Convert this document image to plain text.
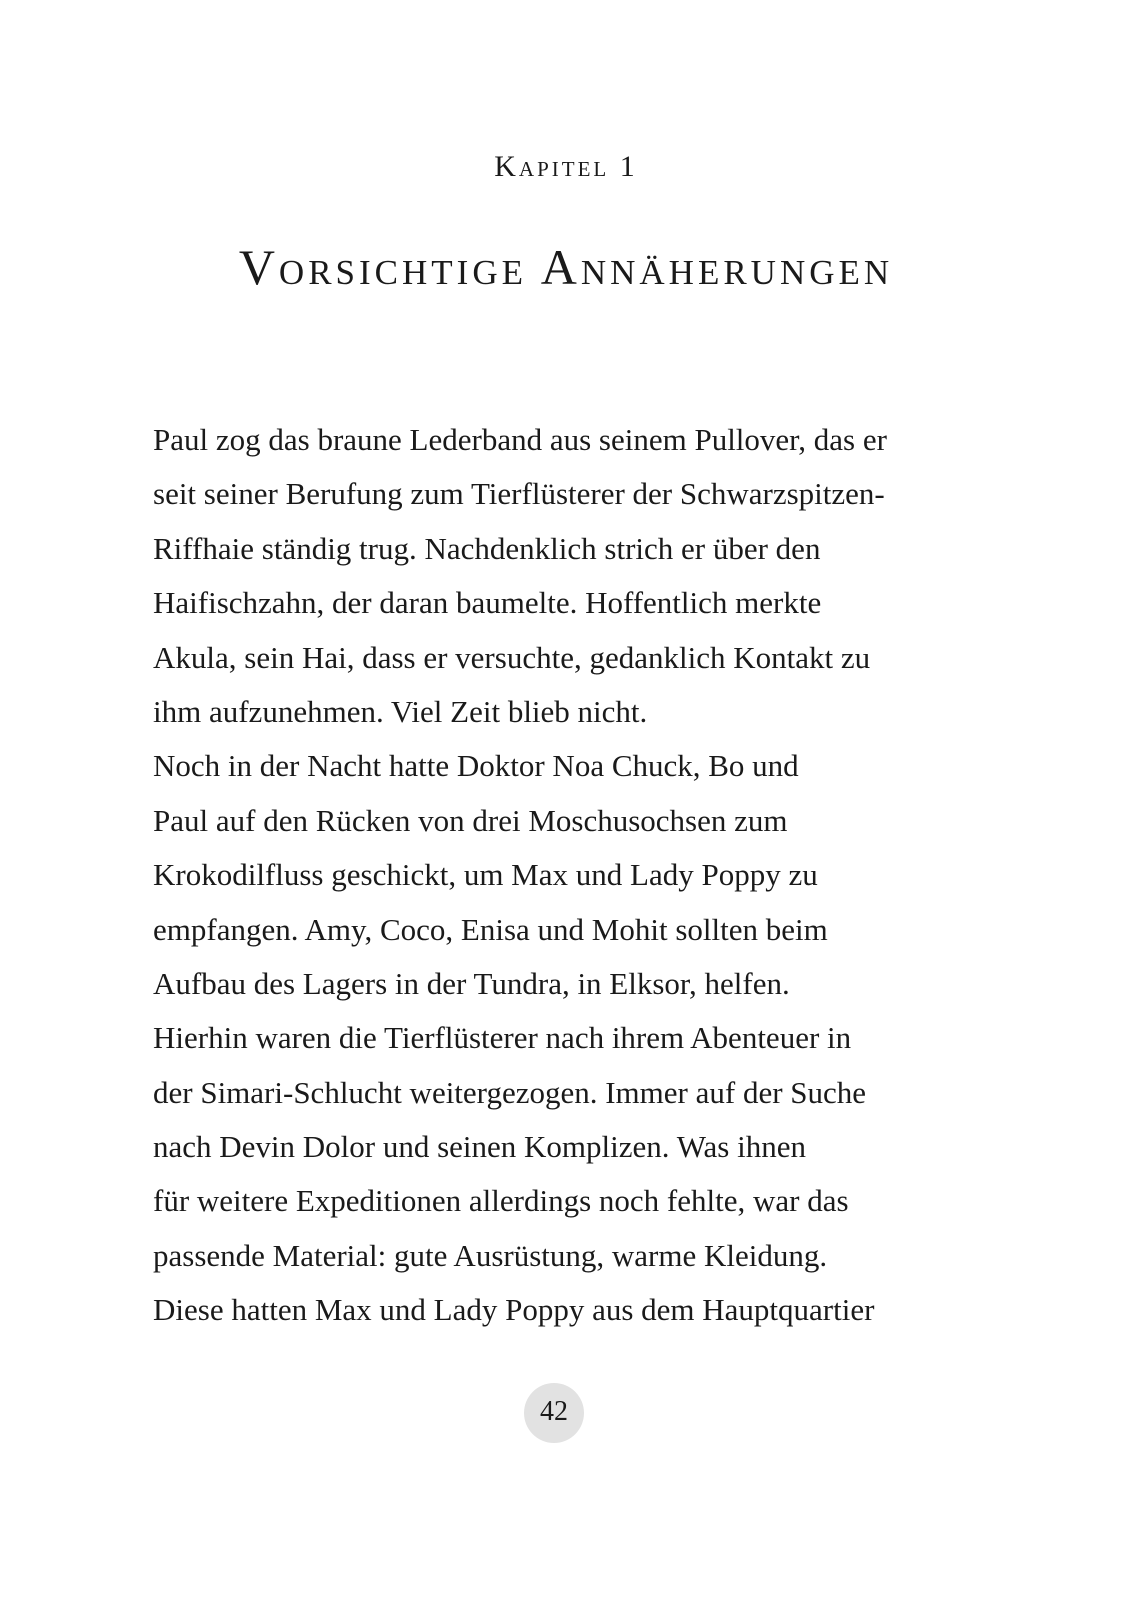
Kapitel 1
Vorsichtige Annäherungen
Paul zog das braune Lederband aus seinem Pullover, das er
seit seiner Berufung zum Tierflüsterer der Schwarzspitzen-
Riffhaie ständig trug. Nachdenklich strich er über den
Haifischzahn, der daran baumelte. Hoffentlich merkte
Akula, sein Hai, dass er versuchte, gedanklich Kontakt zu
ihm aufzunehmen. Viel Zeit blieb nicht.
Noch in der Nacht hatte Doktor Noa Chuck, Bo und
Paul auf den Rücken von drei Moschusochsen zum
Krokodilfluss geschickt, um Max und Lady Poppy zu
empfangen. Amy, Coco, Enisa und Mohit sollten beim
Aufbau des Lagers in der Tundra, in Elksor, helfen.
Hierhin waren die Tierflüsterer nach ihrem Abenteuer in
der Simari-Schlucht weitergezogen. Immer auf der Suche
nach Devin Dolor und seinen Komplizen. Was ihnen
für weitere Expeditionen allerdings noch fehlte, war das
passende Material: gute Ausrüstung, warme Kleidung.
Diese hatten Max und Lady Poppy aus dem Hauptquartier
42
